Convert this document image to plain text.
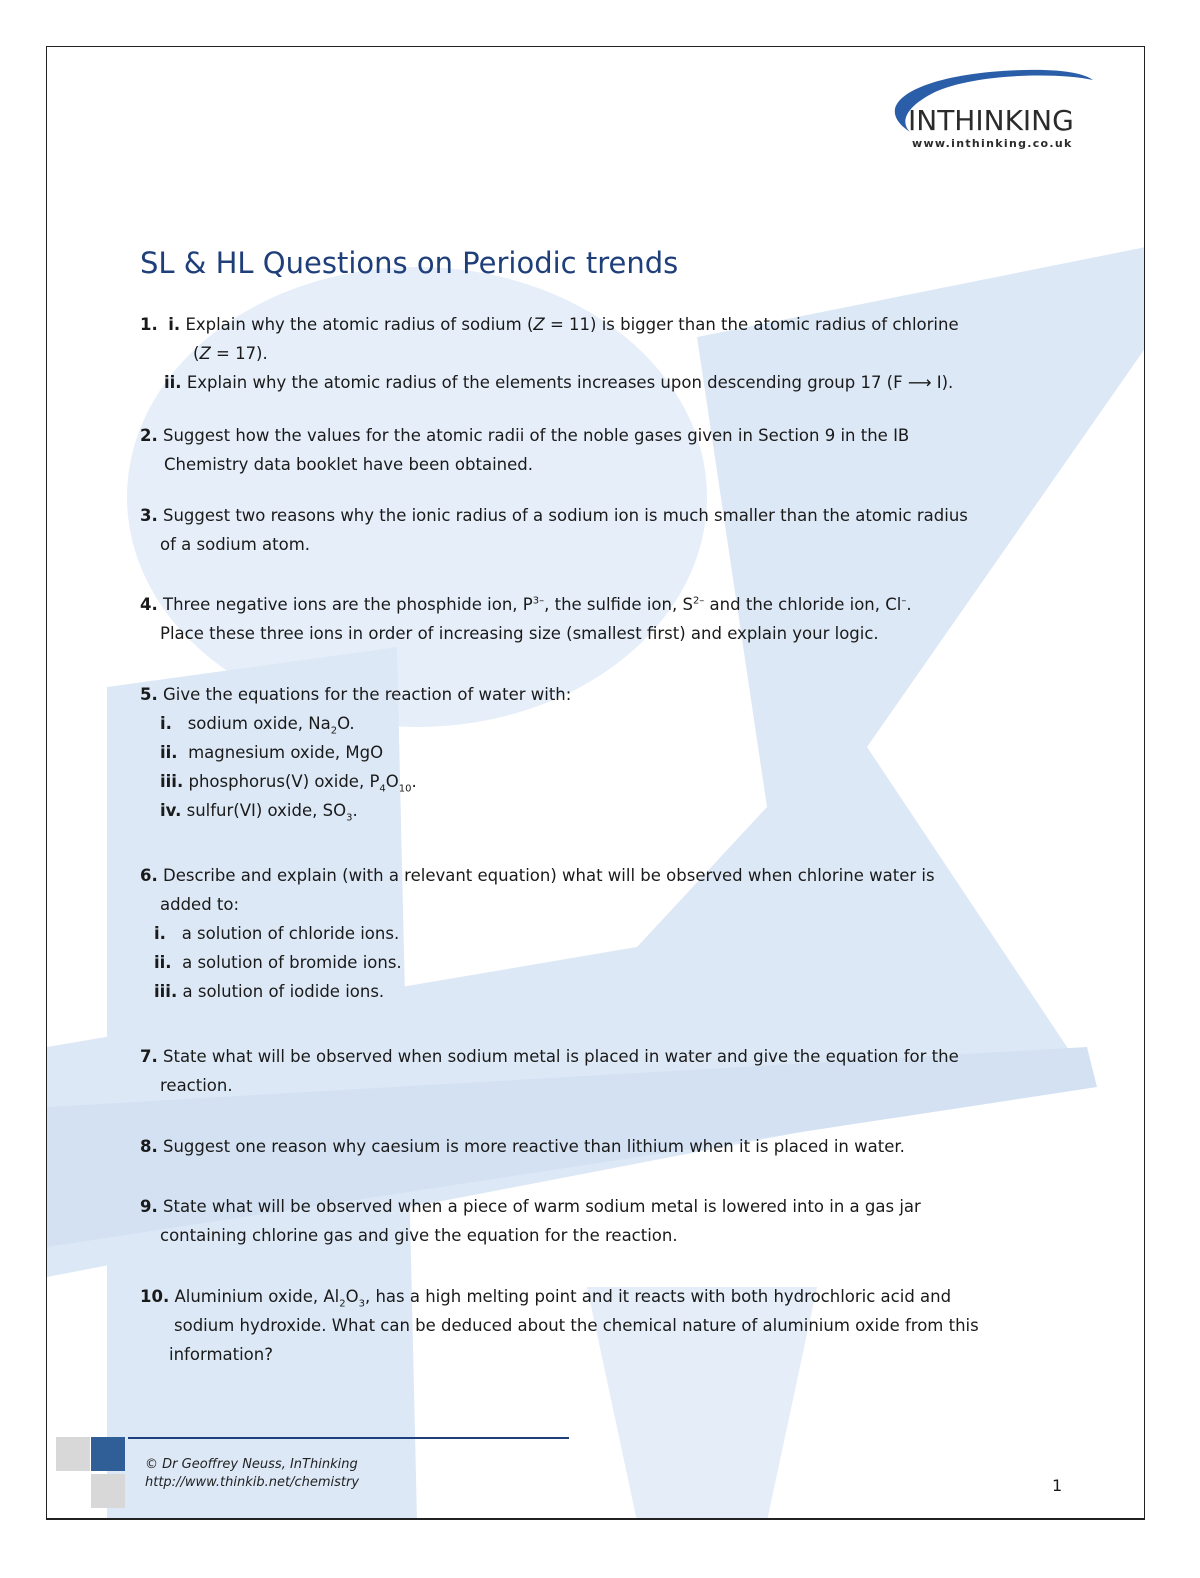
INTHINKING
www.inthinking.co.uk
SL & HL Questions on Periodic trends
1. i. Explain why the atomic radius of sodium (Z = 11) is bigger than the atomic radius of chlorine
(Z = 17).
ii. Explain why the atomic radius of the elements increases upon descending group 17 (F ⟶ I).
2. Suggest how the values for the atomic radii of the noble gases given in Section 9 in the IB
Chemistry data booklet have been obtained.
3. Suggest two reasons why the ionic radius of a sodium ion is much smaller than the atomic radius
of a sodium atom.
4. Three negative ions are the phosphide ion, $P^{3-}$, the sulfide ion, $S^{2-}$ and the chloride ion, Cl–.
Place these three ions in order of increasing size (smallest first) and explain your logic.
5. Give the equations for the reaction of water with:
i. sodium oxide, $Na_2O$.
ii. magnesium oxide, MgO
iii. phosphorus(V) oxide, $P_4O_{10}$.
iv. sulfur(VI) oxide, $SO_3$.
6. Describe and explain (with a relevant equation) what will be observed when chlorine water is
added to:
i. a solution of chloride ions.
ii. a solution of bromide ions.
iii. a solution of iodide ions.
7. State what will be observed when sodium metal is placed in water and give the equation for the
reaction.
8. Suggest one reason why caesium is more reactive than lithium when it is placed in water.
9. State what will be observed when a piece of warm sodium metal is lowered into in a gas jar
containing chlorine gas and give the equation for the reaction.
10. Aluminium oxide, $Al_2O_3$, has a high melting point and it reacts with both hydrochloric acid and
sodium hydroxide. What can be deduced about the chemical nature of aluminium oxide from this
information?
© Dr Geoffrey Neuss, InThinking
http://www.thinkib.net/chemistry	1
